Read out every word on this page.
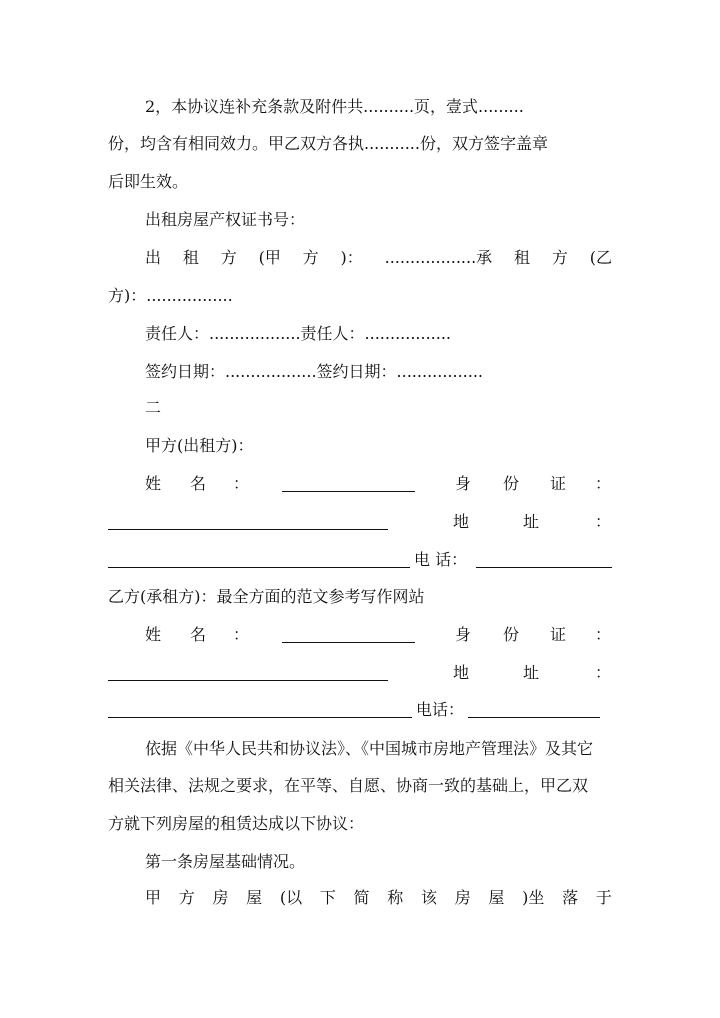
2，本协议连补充条款及附件共..........页，壹式.........
份，均含有相同效力。甲乙双方各执...........份，双方签字盖章
后即生效。
出租房屋产权证书号：
出 租 方 (甲 方 )： ..................承 租 方 (乙
方)：.................
责任人：..................责任人：.................
签约日期：..................签约日期：.................
二
甲方(出租方)：
姓 名 ：	身 份 证 ：
地	址	：
电 话：
乙方(承租方)：最全方面的范文参考写作网站
姓 名 ：	身 份 证 ：
地	址	：
电话：
依据《中华人民共和协议法》、《中国城市房地产管理法》及其它
相关法律、法规之要求，在平等、自愿、协商一致的基础上，甲乙双
方就下列房屋的租赁达成以下协议：
第一条房屋基础情况。
甲 方 房 屋 (以 下 简 称 该 房 屋 )坐 落 于
